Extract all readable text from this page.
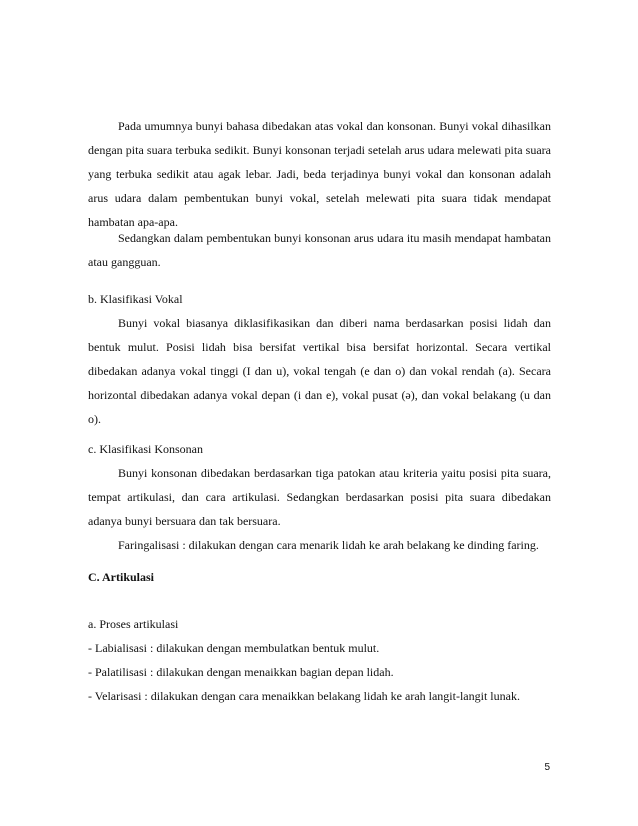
Pada umumnya bunyi bahasa dibedakan atas vokal dan konsonan. Bunyi vokal dihasilkan dengan pita suara terbuka sedikit. Bunyi konsonan terjadi setelah arus udara melewati pita suara yang terbuka sedikit atau agak lebar. Jadi, beda terjadinya bunyi vokal dan konsonan adalah arus udara dalam pembentukan bunyi vokal, setelah melewati pita suara tidak mendapat hambatan apa-apa.

Sedangkan dalam pembentukan bunyi konsonan arus udara itu masih mendapat hambatan atau gangguan.

b. Klasifikasi Vokal

Bunyi vokal biasanya diklasifikasikan dan diberi nama berdasarkan posisi lidah dan bentuk mulut. Posisi lidah bisa bersifat vertikal bisa bersifat horizontal. Secara vertikal dibedakan adanya vokal tinggi (I dan u), vokal tengah (e dan o) dan vokal rendah (a). Secara horizontal dibedakan adanya vokal depan (i dan e), vokal pusat (ə), dan vokal belakang (u dan o).

c. Klasifikasi Konsonan

Bunyi konsonan dibedakan berdasarkan tiga patokan atau kriteria yaitu posisi pita suara, tempat artikulasi, dan cara artikulasi. Sedangkan berdasarkan posisi pita suara dibedakan adanya bunyi bersuara dan tak bersuara.

Faringalisasi : dilakukan dengan cara menarik lidah ke arah belakang ke dinding faring.

C. Artikulasi

a. Proses artikulasi

- Labialisasi : dilakukan dengan membulatkan bentuk mulut.

- Palatilisasi : dilakukan dengan menaikkan bagian depan lidah.

- Velarisasi : dilakukan dengan cara menaikkan belakang lidah ke arah langit-langit lunak.

5
